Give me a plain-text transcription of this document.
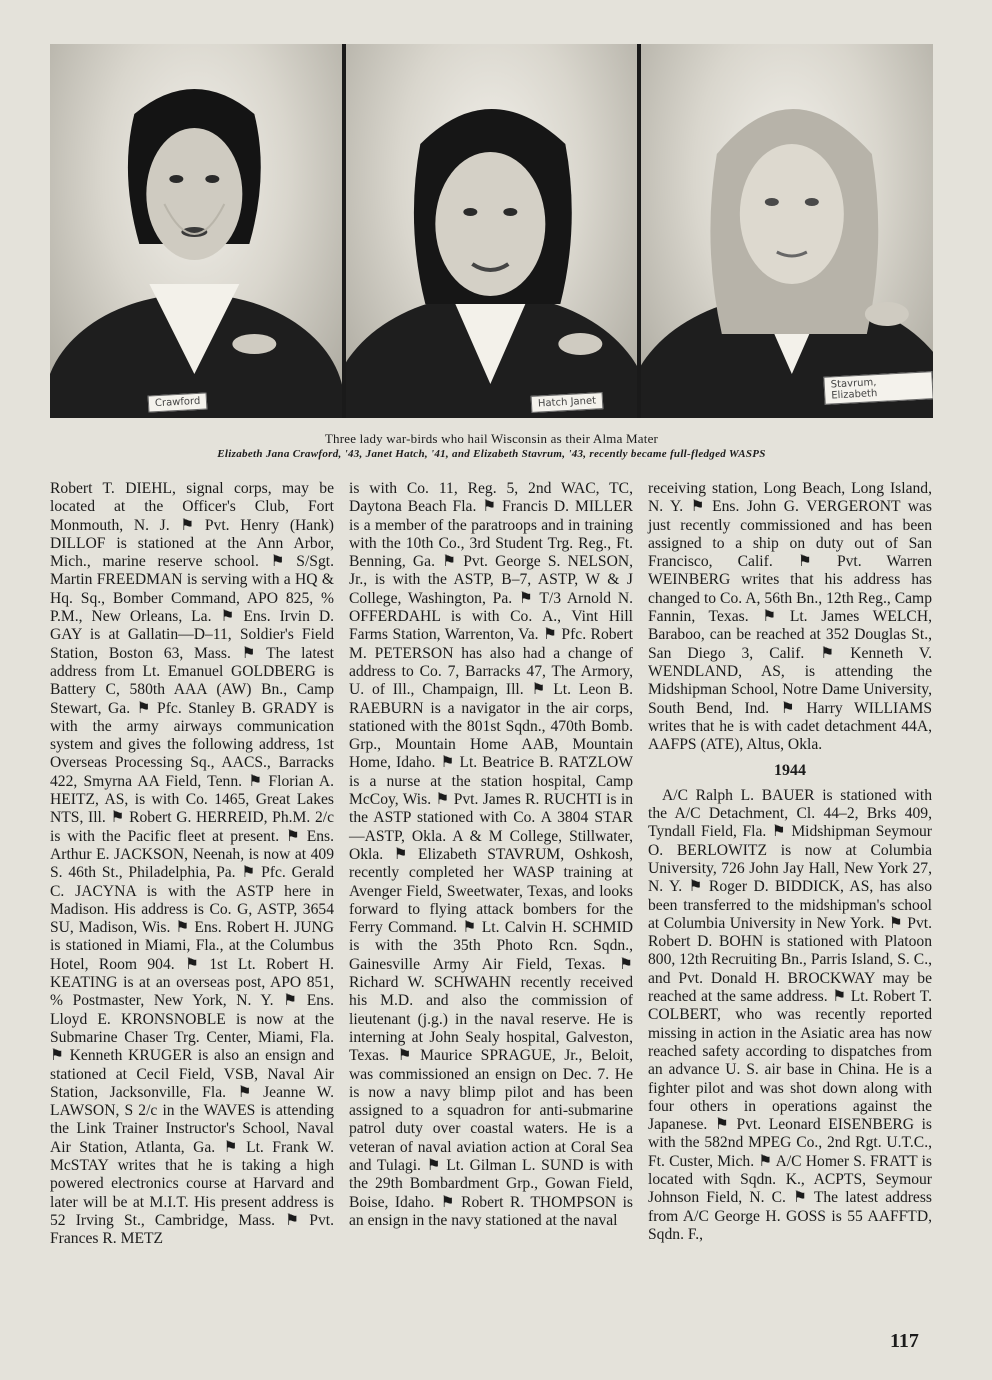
Crawford	Hatch Janet
Stavrum, Elizabeth
Three lady war-birds who hail Wisconsin as their Alma Mater
Elizabeth Jana Crawford, '43, Janet Hatch, '41, and Elizabeth Stavrum, '43, recently became full-fledged WASPS

Robert T. DIEHL, signal corps, may be located at the Officer's Club, Fort Monmouth, N. J. ⚑ Pvt. Henry (Hank) DILLOF is stationed at the Ann Arbor, Mich., marine reserve school. ⚑ S/Sgt. Martin FREEDMAN is serving with a HQ & Hq. Sq., Bomber Command, APO 825, % P.M., New Orleans, La. ⚑ Ens. Irvin D. GAY is at Gallatin—D–11, Soldier's Field Station, Boston 63, Mass. ⚑ The latest address from Lt. Emanuel GOLDBERG is Battery C, 580th AAA (AW) Bn., Camp Stewart, Ga. ⚑ Pfc. Stanley B. GRADY is with the army airways communication system and gives the following address, 1st Overseas Processing Sq., AACS., Barracks 422, Smyrna AA Field, Tenn. ⚑ Florian A. HEITZ, AS, is with Co. 1465, Great Lakes NTS, Ill. ⚑ Robert G. HERREID, Ph.M. 2/c is with the Pacific fleet at present. ⚑ Ens. Arthur E. JACKSON, Neenah, is now at 409 S. 46th St., Philadelphia, Pa. ⚑ Pfc. Gerald C. JACYNA is with the ASTP here in Madison. His address is Co. G, ASTP, 3654 SU, Madison, Wis. ⚑ Ens. Robert H. JUNG is stationed in Miami, Fla., at the Columbus Hotel, Room 904. ⚑ 1st Lt. Robert H. KEATING is at an overseas post, APO 851, % Postmaster, New York, N. Y. ⚑ Ens. Lloyd E. KRONSNOBLE is now at the Submarine Chaser Trg. Center, Miami, Fla. ⚑ Kenneth KRUGER is also an ensign and stationed at Cecil Field, VSB, Naval Air Station, Jacksonville, Fla. ⚑ Jeanne W. LAWSON, S 2/c in the WAVES is attending the Link Trainer Instructor's School, Naval Air Station, Atlanta, Ga. ⚑ Lt. Frank W. McSTAY writes that he is taking a high powered electronics course at Harvard and later will be at M.I.T. His present address is 52 Irving St., Cambridge, Mass. ⚑ Pvt. Frances R. METZ

is with Co. 11, Reg. 5, 2nd WAC, TC, Daytona Beach Fla. ⚑ Francis D. MILLER is a member of the paratroops and in training with the 10th Co., 3rd Student Trg. Reg., Ft. Benning, Ga. ⚑ Pvt. George S. NELSON, Jr., is with the ASTP, B–7, ASTP, W & J College, Washington, Pa. ⚑ T/3 Arnold N. OFFERDAHL is with Co. A., Vint Hill Farms Station, Warrenton, Va. ⚑ Pfc. Robert M. PETERSON has also had a change of address to Co. 7, Barracks 47, The Armory, U. of Ill., Champaign, Ill. ⚑ Lt. Leon B. RAEBURN is a navigator in the air corps, stationed with the 801st Sqdn., 470th Bomb. Grp., Mountain Home AAB, Mountain Home, Idaho. ⚑ Lt. Beatrice B. RATZLOW is a nurse at the station hospital, Camp McCoy, Wis. ⚑ Pvt. James R. RUCHTI is in the ASTP stationed with Co. A 3804 STAR—ASTP, Okla. A & M College, Stillwater, Okla. ⚑ Elizabeth STAVRUM, Oshkosh, recently completed her WASP training at Avenger Field, Sweetwater, Texas, and looks forward to flying attack bombers for the Ferry Command. ⚑ Lt. Calvin H. SCHMID is with the 35th Photo Rcn. Sqdn., Gainesville Army Air Field, Texas. ⚑ Richard W. SCHWAHN recently received his M.D. and also the commission of lieutenant (j.g.) in the naval reserve. He is interning at John Sealy hospital, Galveston, Texas. ⚑ Maurice SPRAGUE, Jr., Beloit, was commissioned an ensign on Dec. 7. He is now a navy blimp pilot and has been assigned to a squadron for anti-submarine patrol duty over coastal waters. He is a veteran of naval aviation action at Coral Sea and Tulagi. ⚑ Lt. Gilman L. SUND is with the 29th Bombardment Grp., Gowan Field, Boise, Idaho. ⚑ Robert R. THOMPSON is an ensign in the navy stationed at the naval

receiving station, Long Beach, Long Island, N. Y. ⚑ Ens. John G. VERGERONT was just recently commissioned and has been assigned to a ship on duty out of San Francisco, Calif. ⚑ Pvt. Warren WEINBERG writes that his address has changed to Co. A, 56th Bn., 12th Reg., Camp Fannin, Texas. ⚑ Lt. James WELCH, Baraboo, can be reached at 352 Douglas St., San Diego 3, Calif. ⚑ Kenneth V. WENDLAND, AS, is attending the Midshipman School, Notre Dame University, South Bend, Ind. ⚑ Harry WILLIAMS writes that he is with cadet detachment 44A, AAFPS (ATE), Altus, Okla.

1944

A/C Ralph L. BAUER is stationed with the A/C Detachment, Cl. 44–2, Brks 409, Tyndall Field, Fla. ⚑ Midshipman Seymour O. BERLOWITZ is now at Columbia University, 726 John Jay Hall, New York 27, N. Y. ⚑ Roger D. BIDDICK, AS, has also been transferred to the midshipman's school at Columbia University in New York. ⚑ Pvt. Robert D. BOHN is stationed with Platoon 800, 12th Recruiting Bn., Parris Island, S. C., and Pvt. Donald H. BROCKWAY may be reached at the same address. ⚑ Lt. Robert T. COLBERT, who was recently reported missing in action in the Asiatic area has now reached safety according to dispatches from an advance U. S. air base in China. He is a fighter pilot and was shot down along with four others in operations against the Japanese. ⚑ Pvt. Leonard EISENBERG is with the 582nd MPEG Co., 2nd Rgt. U.T.C., Ft. Custer, Mich. ⚑ A/C Homer S. FRATT is located with Sqdn. K., ACPTS, Seymour Johnson Field, N. C. ⚑ The latest address from A/C George H. GOSS is 55 AAFFTD, Sqdn. F.,

117
